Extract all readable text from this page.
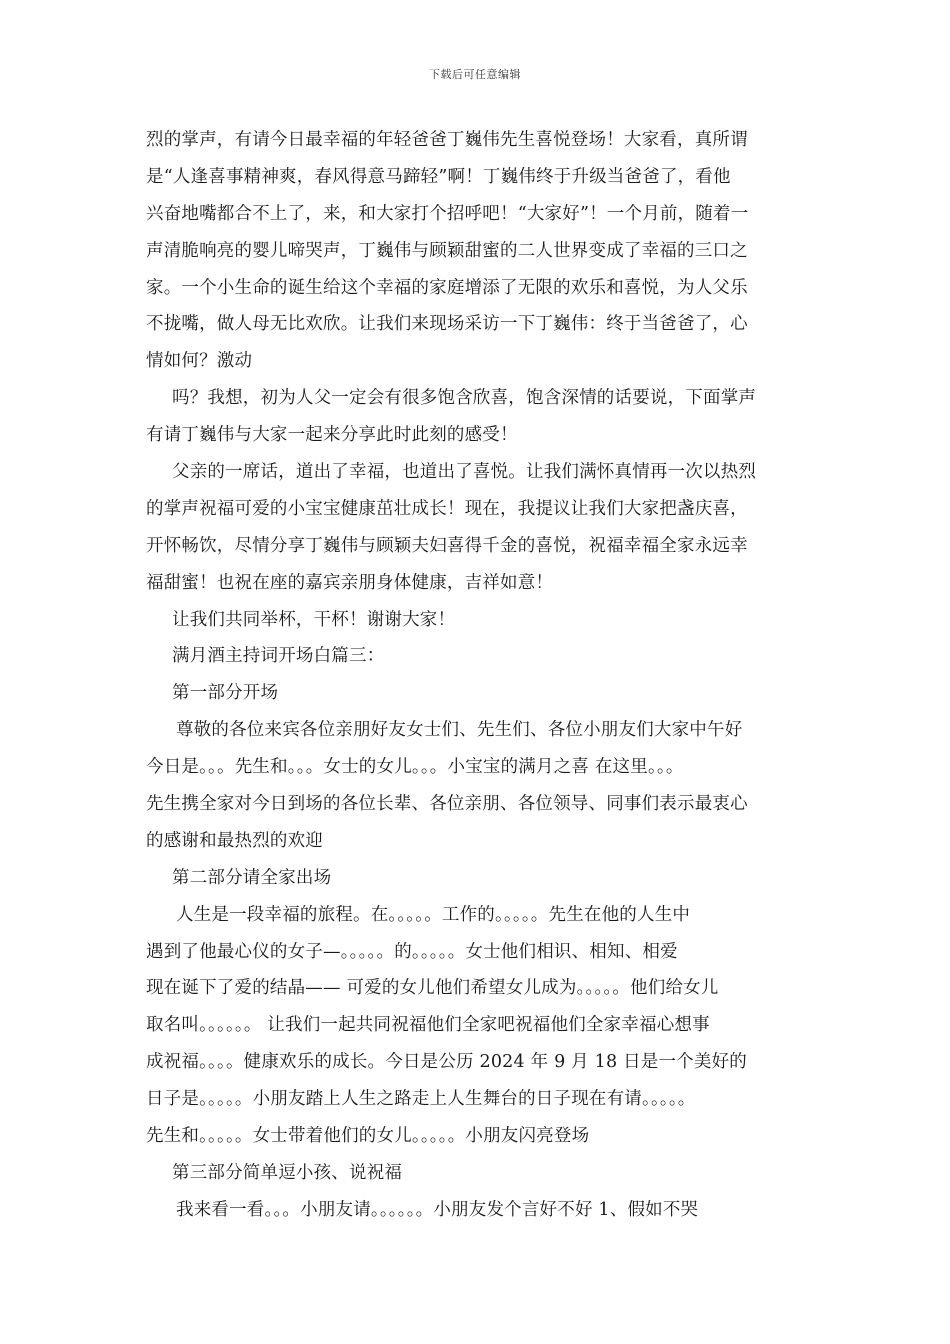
下载后可任意编辑
烈的掌声，有请今日最幸福的年轻爸爸丁巍伟先生喜悦登场！大家看，真所谓
是“人逢喜事精神爽，春风得意马蹄轻”啊！丁巍伟终于升级当爸爸了，看他
兴奋地嘴都合不上了，来，和大家打个招呼吧！“大家好”！一个月前，随着一
声清脆响亮的婴儿啼哭声，丁巍伟与顾颖甜蜜的二人世界变成了幸福的三口之
家。一个小生命的诞生给这个幸福的家庭增添了无限的欢乐和喜悦，为人父乐
不拢嘴，做人母无比欢欣。让我们来现场采访一下丁巍伟：终于当爸爸了，心
情如何？激动
吗？我想，初为人父一定会有很多饱含欣喜，饱含深情的话要说，下面掌声
有请丁巍伟与大家一起来分享此时此刻的感受！
父亲的一席话，道出了幸福，也道出了喜悦。让我们满怀真情再一次以热烈
的掌声祝福可爱的小宝宝健康茁壮成长！现在，我提议让我们大家把盏庆喜，
开怀畅饮，尽情分享丁巍伟与顾颖夫妇喜得千金的喜悦，祝福幸福全家永远幸
福甜蜜！也祝在座的嘉宾亲朋身体健康，吉祥如意！
让我们共同举杯，干杯！谢谢大家！
满月酒主持词开场白篇三：
第一部分开场
尊敬的各位来宾各位亲朋好友女士们、先生们、各位小朋友们大家中午好
今日是。。。先生和。。。女士的女儿。。。小宝宝的满月之喜 在这里。。。
先生携全家对今日到场的各位长辈、各位亲朋、各位领导、同事们表示最衷心
的感谢和最热烈的欢迎
第二部分请全家出场
人生是一段幸福的旅程。在。。。。。工作的。。。。。先生在他的人生中
遇到了他最心仪的女子—。。。。。的。。。。。女士他们相识、相知、相爱
现在诞下了爱的结晶—— 可爱的女儿他们希望女儿成为。。。。。他们给女儿
取名叫。。。。。。 让我们一起共同祝福他们全家吧祝福他们全家幸福心想事
成祝福。。。。健康欢乐的成长。今日是公历 2024 年 9 月 18 日是一个美好的
日子是。。。。。小朋友踏上人生之路走上人生舞台的日子现在有请。。。。。
先生和。。。。。女士带着他们的女儿。。。。。小朋友闪亮登场
第三部分简单逗小孩、说祝福
我来看一看。。。小朋友请。。。。。。小朋友发个言好不好 1、假如不哭
